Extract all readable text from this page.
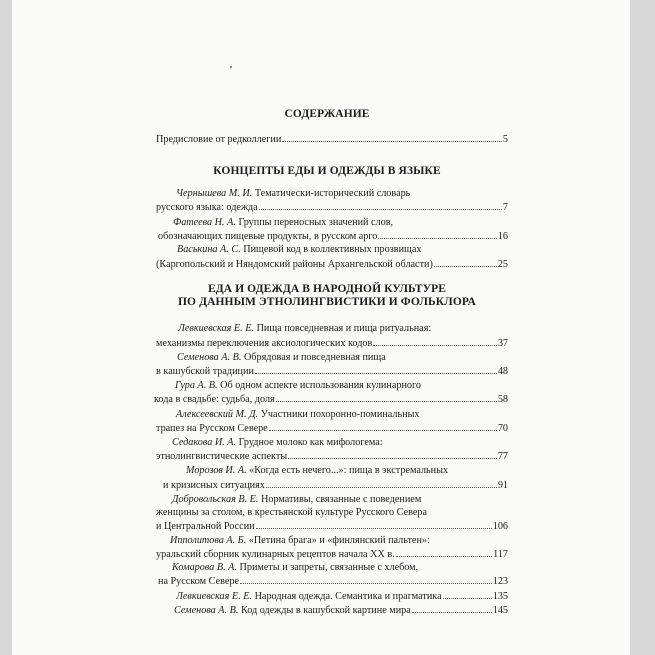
СОДЕРЖАНИЕ
Предисловие от редколлегии	5
КОНЦЕПТЫ ЕДЫ И ОДЕЖДЫ В ЯЗЫКЕ
Чернышева М. И. Тематически-исторический словарь
русского языка: одежда	7
Фатеева Н. А. Группы переносных значений слов,
обозначающих пищевые продукты, в русском арго	16
Васькина А. С. Пищевой код в коллективных прозвищах
(Каргопольский и Няндомский районы Архангельской области)	25
ЕДА И ОДЕЖДА В НАРОДНОЙ КУЛЬТУРЕ
ПО ДАННЫМ ЭТНОЛИНГВИСТИКИ И ФОЛЬКЛОРА
Левкиевская Е. Е. Пища повседневная и пища ритуальная:
механизмы переключения аксиологических кодов	37
Семенова А. В. Обрядовая и повседневная пища
в кашубской традиции	48
Гура А. В. Об одном аспекте использования кулинарного
кода в свадьбе: судьба, доля	58
Алексеевский М. Д. Участники похоронно-поминальных
трапез на Русском Севере	70
Седакова И. А. Грудное молоко как мифологема:
этнолингвистические аспекты	77
Морозов И. А. «Когда есть нечего...»: пища в экстремальных
и кризисных ситуациях	91
Добровольская В. Е. Нормативы, связанные с поведением
женщины за столом, в крестьянской культуре Русского Севера
и Центральной России	106
Ипполитова А. Б. «Петина брага» и «финлянский пальтен»:
уральский сборник кулинарных рецептов начала XX в.	117
Комарова В. А. Приметы и запреты, связанные с хлебом,
на Русском Севере	123
Левкиевская Е. Е. Народная одежда. Семантика и прагматика	135
Семенова А. В. Код одежды в кашубской картине мира	145
